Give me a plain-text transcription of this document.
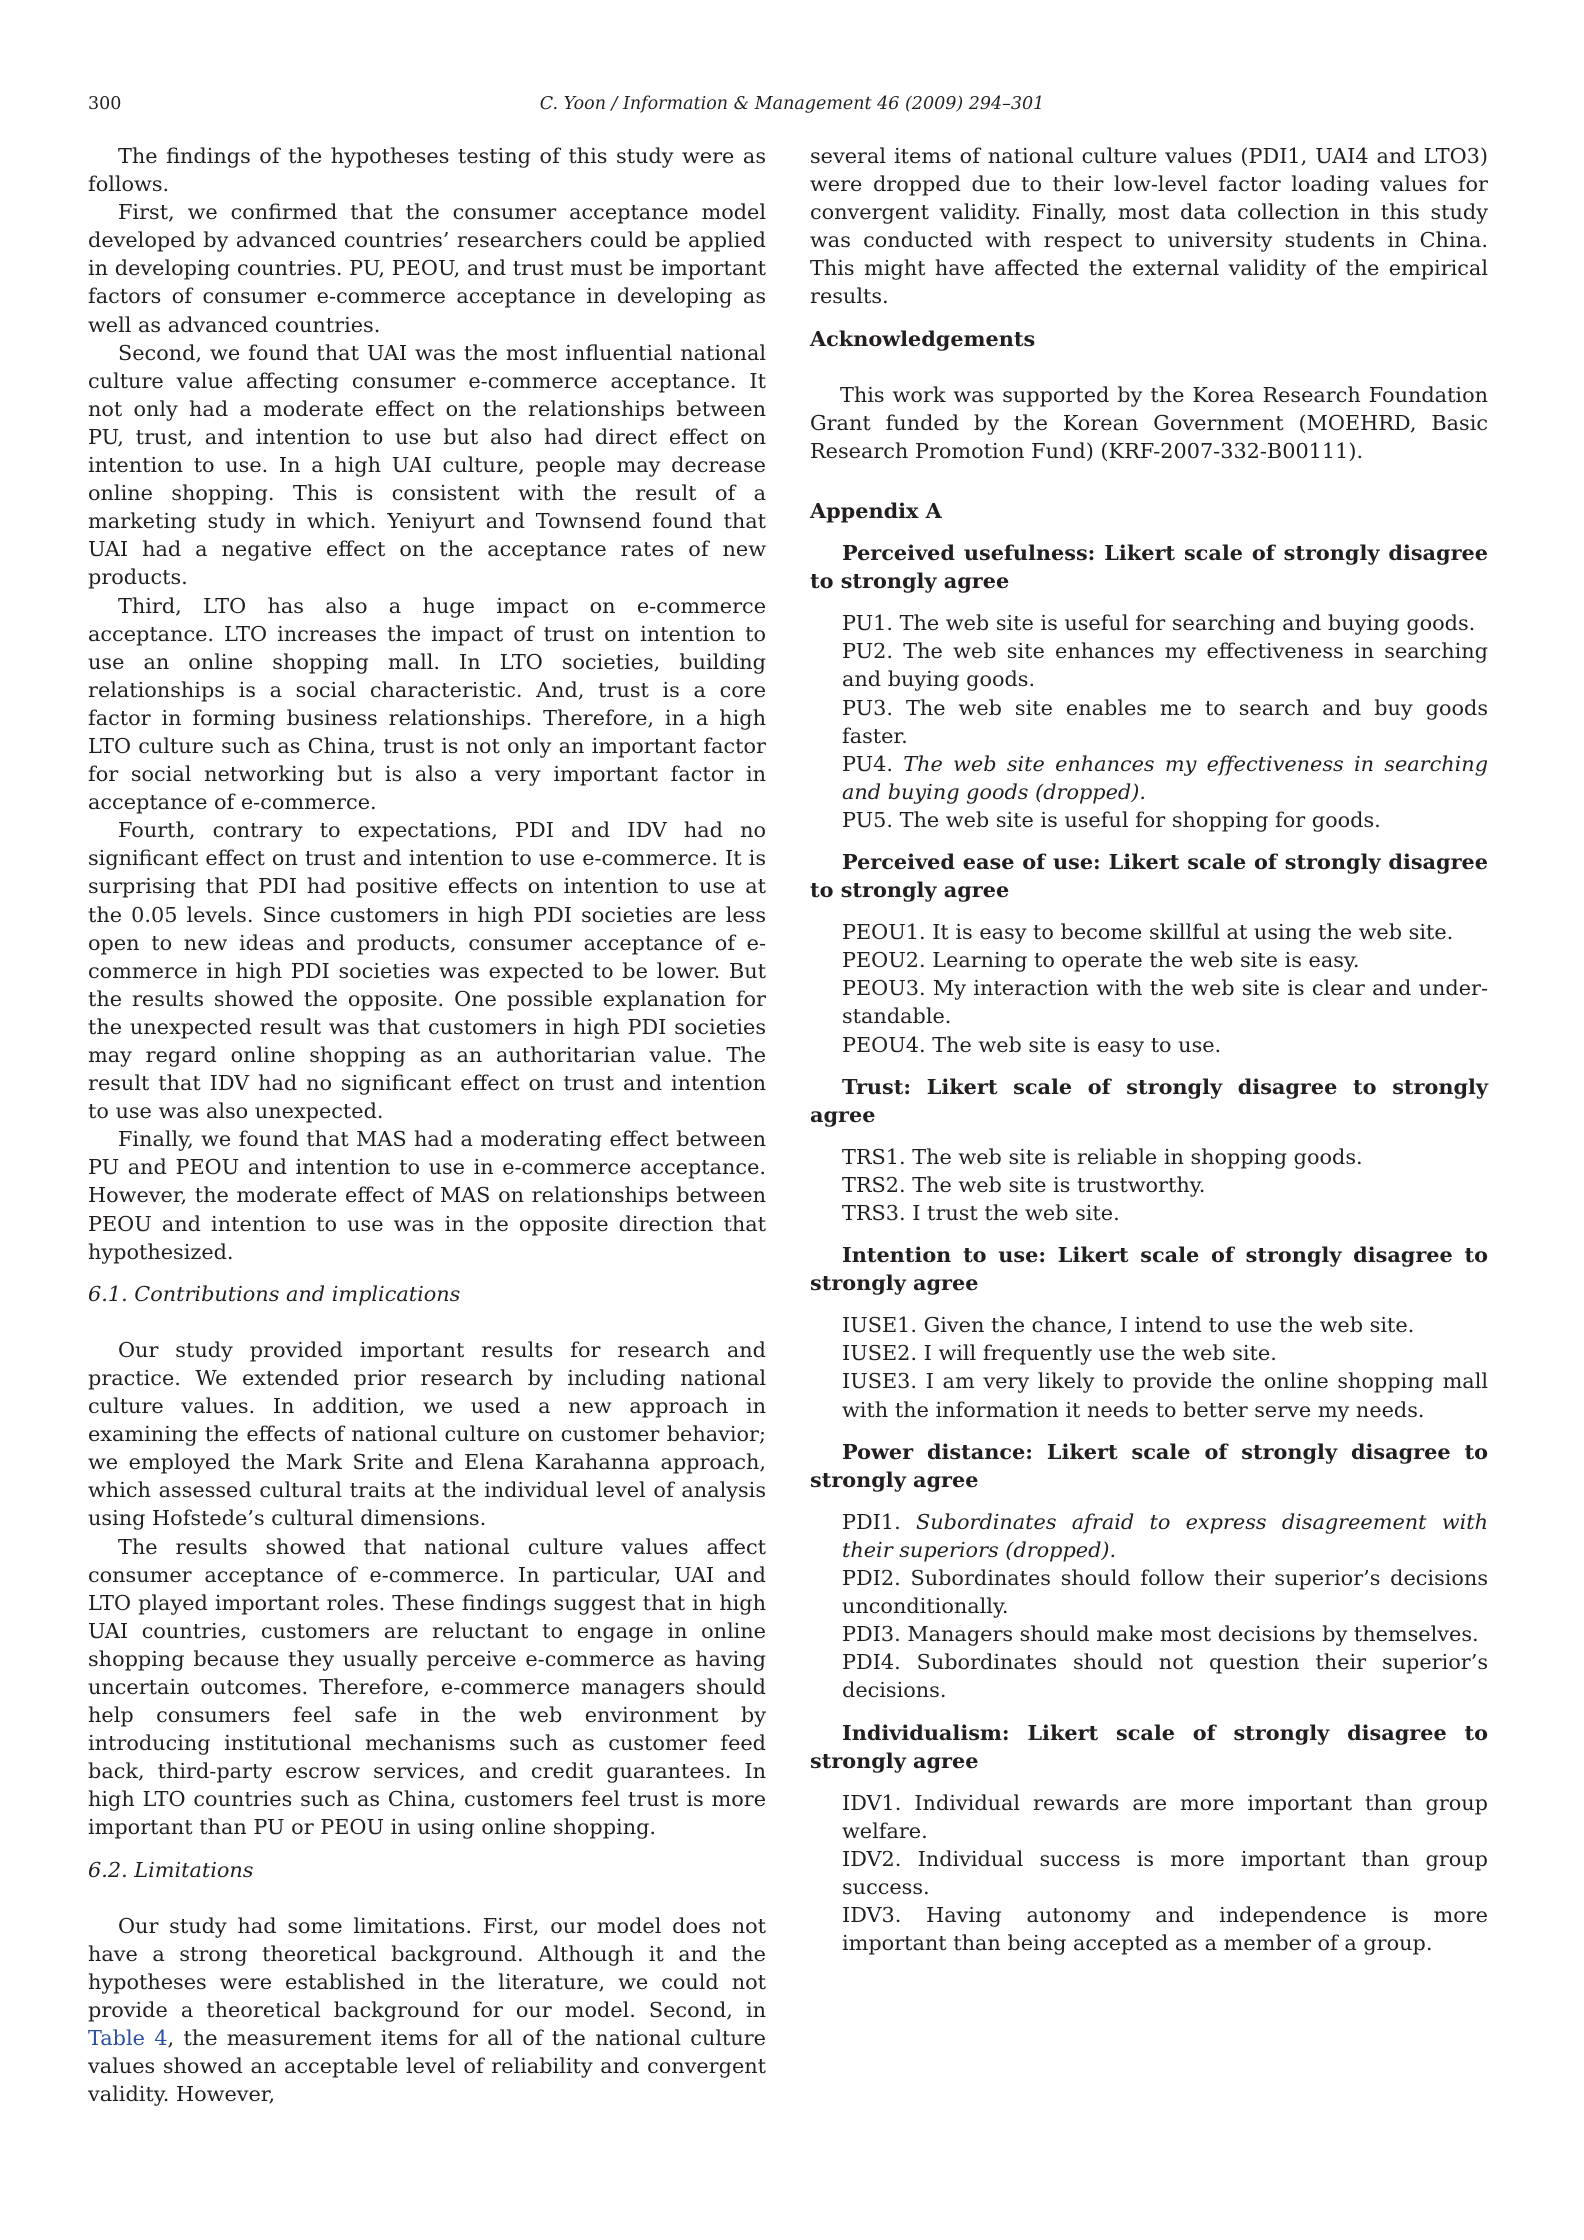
300	C. Yoon / Information & Management 46 (2009) 294–301

The findings of the hypotheses testing of this study were as follows.

First, we confirmed that the consumer acceptance model developed by advanced countries’ researchers could be applied in developing countries. PU, PEOU, and trust must be important factors of consumer e-commerce acceptance in developing as well as advanced countries.

Second, we found that UAI was the most influential national culture value affecting consumer e-commerce acceptance. It not only had a moderate effect on the relationships between PU, trust, and intention to use but also had direct effect on intention to use. In a high UAI culture, people may decrease online shopping. This is consistent with the result of a marketing study in which. Yeniyurt and Townsend found that UAI had a negative effect on the acceptance rates of new products.

Third, LTO has also a huge impact on e-commerce acceptance. LTO increases the impact of trust on intention to use an online shopping mall. In LTO societies, building relationships is a social characteristic. And, trust is a core factor in forming business relationships. Therefore, in a high LTO culture such as China, trust is not only an important factor for social networking but is also a very important factor in acceptance of e-commerce.

Fourth, contrary to expectations, PDI and IDV had no significant effect on trust and intention to use e-commerce. It is surprising that PDI had positive effects on intention to use at the 0.05 levels. Since customers in high PDI societies are less open to new ideas and products, consumer acceptance of e-commerce in high PDI societies was expected to be lower. But the results showed the opposite. One possible explanation for the unexpected result was that customers in high PDI societies may regard online shopping as an authoritarian value. The result that IDV had no significant effect on trust and intention to use was also unexpected.

Finally, we found that MAS had a moderating effect between PU and PEOU and intention to use in e-commerce acceptance. However, the moderate effect of MAS on relationships between PEOU and intention to use was in the opposite direction that hypothesized.

6.1. Contributions and implications

Our study provided important results for research and practice. We extended prior research by including national culture values. In addition, we used a new approach in examining the effects of national culture on customer behavior; we employed the Mark Srite and Elena Karahanna approach, which assessed cultural traits at the individual level of analysis using Hofstede’s cultural dimensions.

The results showed that national culture values affect consumer acceptance of e-commerce. In particular, UAI and LTO played important roles. These findings suggest that in high UAI countries, customers are reluctant to engage in online shopping because they usually perceive e-commerce as having uncertain outcomes. Therefore, e-commerce managers should help consumers feel safe in the web environment by introducing institutional mechanisms such as customer feed back, third-party escrow services, and credit guarantees. In high LTO countries such as China, customers feel trust is more important than PU or PEOU in using online shopping.

6.2. Limitations

Our study had some limitations. First, our model does not have a strong theoretical background. Although it and the hypotheses were established in the literature, we could not provide a theoretical background for our model. Second, in Table 4, the measurement items for all of the national culture values showed an acceptable level of reliability and convergent validity. However,

several items of national culture values (PDI1, UAI4 and LTO3) were dropped due to their low-level factor loading values for convergent validity. Finally, most data collection in this study was conducted with respect to university students in China. This might have affected the external validity of the empirical results.

Acknowledgements

This work was supported by the Korea Research Foundation Grant funded by the Korean Government (MOEHRD, Basic Research Promotion Fund) (KRF-2007-332-B00111).

Appendix A

Perceived usefulness: Likert scale of strongly disagree to strongly agree

PU1. The web site is useful for searching and buying goods.

PU2. The web site enhances my effectiveness in searching and buying goods.

PU3. The web site enables me to search and buy goods faster.

PU4. The web site enhances my effectiveness in searching and buying goods (dropped).

PU5. The web site is useful for shopping for goods.

Perceived ease of use: Likert scale of strongly disagree to strongly agree

PEOU1. It is easy to become skillful at using the web site.

PEOU2. Learning to operate the web site is easy.

PEOU3. My interaction with the web site is clear and under-standable.

PEOU4. The web site is easy to use.

Trust: Likert scale of strongly disagree to strongly agree

TRS1. The web site is reliable in shopping goods.

TRS2. The web site is trustworthy.

TRS3. I trust the web site.

Intention to use: Likert scale of strongly disagree to strongly agree

IUSE1. Given the chance, I intend to use the web site.

IUSE2. I will frequently use the web site.

IUSE3. I am very likely to provide the online shopping mall with the information it needs to better serve my needs.

Power distance: Likert scale of strongly disagree to strongly agree

PDI1. Subordinates afraid to express disagreement with their superiors (dropped).

PDI2. Subordinates should follow their superior’s decisions unconditionally.

PDI3. Managers should make most decisions by themselves.

PDI4. Subordinates should not question their superior’s decisions.

Individualism: Likert scale of strongly disagree to strongly agree

IDV1. Individual rewards are more important than group welfare.

IDV2. Individual success is more important than group success.

IDV3. Having autonomy and independence is more important than being accepted as a member of a group.
